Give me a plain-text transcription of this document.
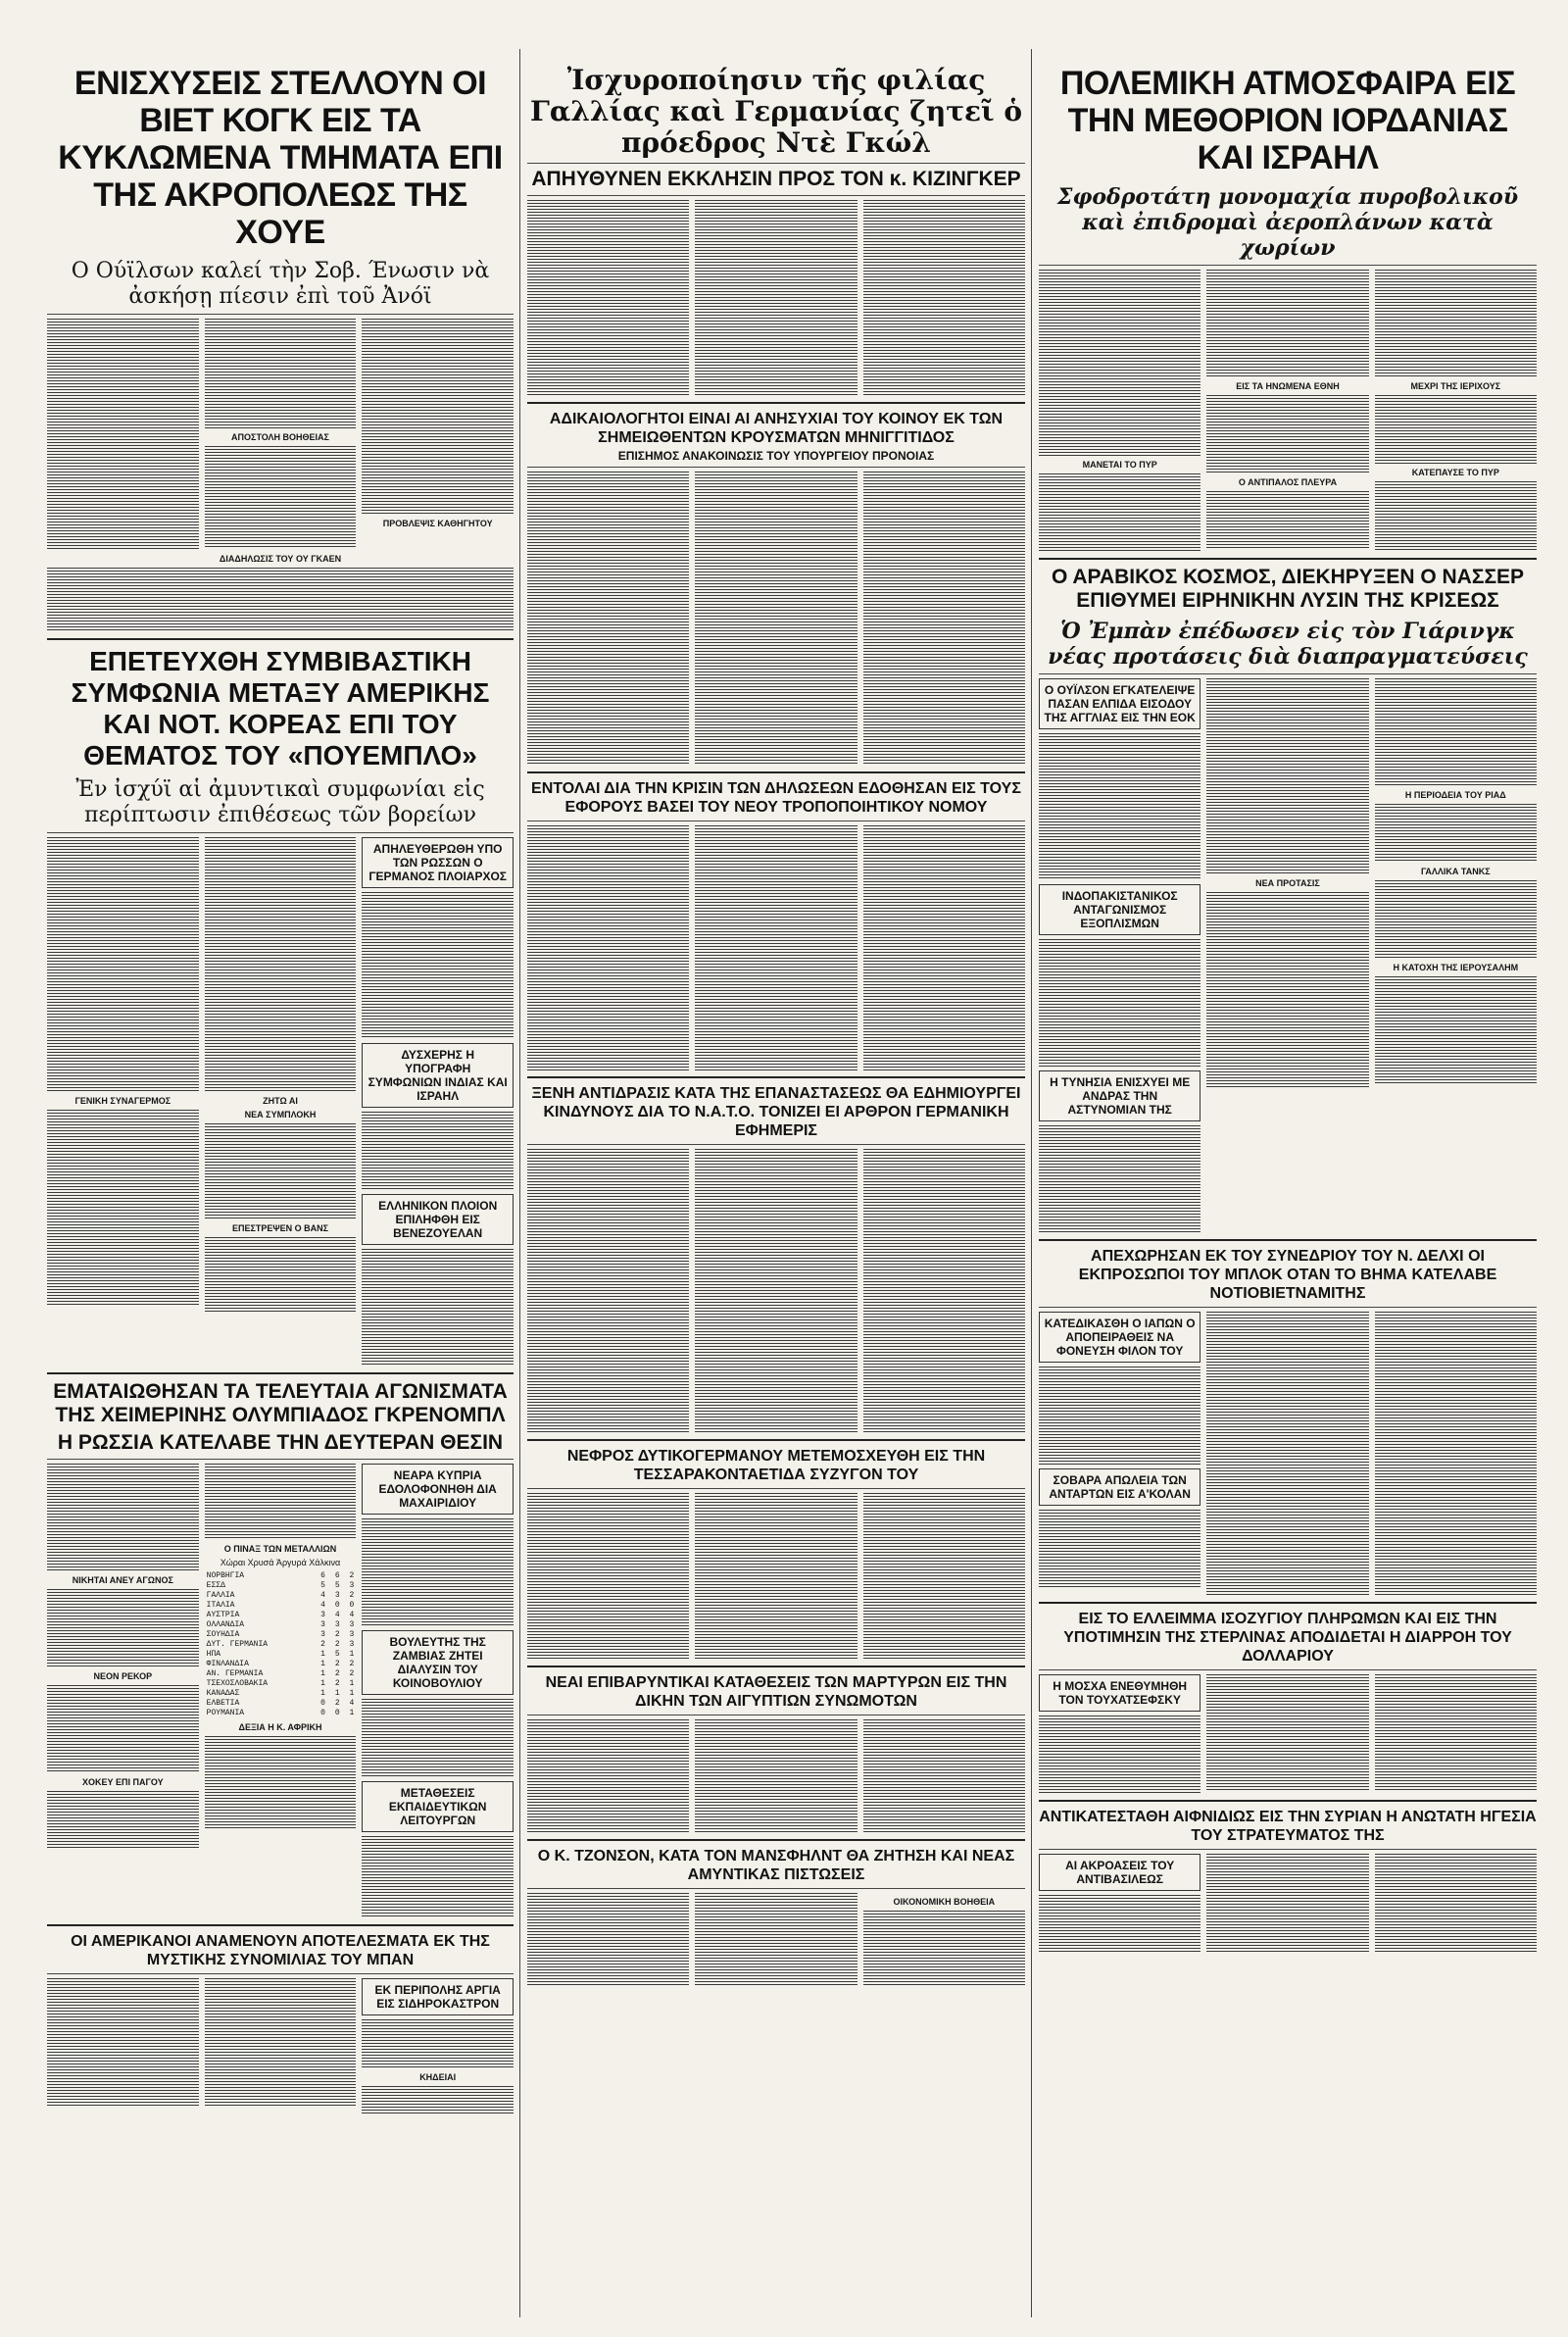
ΕΝΙΣΧΥΣΕΙΣ ΣΤΕΛΛΟΥΝ ΟΙ ΒΙΕΤ ΚΟΓΚ ΕΙΣ ΤΑ ΚΥΚΛΩΜΕΝΑ ΤΜΗΜΑΤΑ ΕΠΙ ΤΗΣ ΑΚΡΟΠΟΛΕΩΣ ΤΗΣ ΧΟΥΕ
Ο Ούϊλσων καλεί τὴν Σοβ. Ένωσιν νὰ ἀσκήσῃ πίεσιν ἐπὶ τοῦ Ἀνόϊ
ΑΠΟΣΤΟΛΗ ΒΟΗΘΕΙΑΣ
ΠΡΟΒΛΕΨΙΣ ΚΑΘΗΓΗΤΟΥ
ΔΙΑΔΗΛΩΣΙΣ ΤΟΥ ΟΥ ΓΚΑΕΝ
ΕΠΕΤΕΥΧΘΗ ΣΥΜΒΙΒΑΣΤΙΚΗ ΣΥΜΦΩΝΙΑ ΜΕΤΑΞΥ ΑΜΕΡΙΚΗΣ ΚΑΙ ΝΟΤ. ΚΟΡΕΑΣ ΕΠΙ ΤΟΥ ΘΕΜΑΤΟΣ ΤΟΥ «ΠΟΥΕΜΠΛΟ»
Ἐν ἰσχύϊ αἱ ἀμυντικαὶ συμφωνίαι εἰς περίπτωσιν ἐπιθέσεως τῶν βορείων
ΓΕΝΙΚΗ ΣΥΝΑΓΕΡΜΟΣ	ΖΗΤΩ ΑΙ
ΝΕΑ ΣΥΜΠΛΟΚΗ
ΕΠΕΣΤΡΕΨΕΝ Ο ΒΑΝΣ
ΑΠΗΛΕΥΘΕΡΩΘΗ ΥΠΟ ΤΩΝ ΡΩΣΣΩΝ Ο ΓΕΡΜΑΝΟΣ ΠΛΟΙΑΡΧΟΣ
ΔΥΣΧΕΡΗΣ Η ΥΠΟΓΡΑΦΗ ΣΥΜΦΩΝΙΩΝ ΙΝΔΙΑΣ ΚΑΙ ΙΣΡΑΗΛ
ΕΛΛΗΝΙΚΟΝ ΠΛΟΙΟΝ ΕΠΙΛΗΦΘΗ ΕΙΣ ΒΕΝΕΖΟΥΕΛΑΝ
ΕΜΑΤΑΙΩΘΗΣΑΝ ΤΑ ΤΕΛΕΥΤΑΙΑ ΑΓΩΝΙΣΜΑΤΑ ΤΗΣ ΧΕΙΜΕΡΙΝΗΣ ΟΛΥΜΠΙΑΔΟΣ ΓΚΡΕΝΟΜΠΛ
Η ΡΩΣΣΙΑ ΚΑΤΕΛΑΒΕ ΤΗΝ ΔΕΥΤΕΡΑΝ ΘΕΣΙΝ
ΝΙΚΗΤΑΙ ΑΝΕΥ ΑΓΩΝΟΣ
ΝΕΟΝ ΡΕΚΟΡ
ΧΟΚΕΥ ΕΠΙ ΠΑΓΟΥ
Ο ΠΙΝΑΞ ΤΩΝ ΜΕΤΑΛΛΙΩΝ
Χώραι Χρυσά Ἀργυρά Χάλκινα
ΝΟΡΒΗΓΙΑ	6	6	2
ΕΣΣΔ	5	5	3
ΓΑΛΛΙΑ	4	3	2
ΙΤΑΛΙΑ	4	0	0
ΑΥΣΤΡΙΑ	3	4	4
ΟΛΛΑΝΔΙΑ	3	3	3
ΣΟΥΗΔΙΑ	3	2	3
ΔΥΤ. ΓΕΡΜΑΝΙΑ	2	2	3
ΗΠΑ	1	5	1
ΦΙΝΛΑΝΔΙΑ	1	2	2
ΑΝ. ΓΕΡΜΑΝΙΑ	1	2	2
ΤΣΕΧΟΣΛΟΒΑΚΙΑ	1	2	1
ΚΑΝΑΔΑΣ	1	1	1
ΕΛΒΕΤΙΑ	0	2	4
ΡΟΥΜΑΝΙΑ	0	0	1
ΔΕΞΙΑ Η Κ. ΑΦΡΙΚΗ
ΝΕΑΡΑ ΚΥΠΡΙΑ ΕΔΟΛΟΦΟΝΗΘΗ ΔΙΑ ΜΑΧΑΙΡΙΔΙΟΥ
ΒΟΥΛΕΥΤΗΣ ΤΗΣ ΖΑΜΒΙΑΣ ΖΗΤΕΙ ΔΙΑΛΥΣΙΝ ΤΟΥ ΚΟΙΝΟΒΟΥΛΙΟΥ
ΜΕΤΑΘΕΣΕΙΣ ΕΚΠΑΙΔΕΥΤΙΚΩΝ ΛΕΙΤΟΥΡΓΩΝ
ΟΙ ΑΜΕΡΙΚΑΝΟΙ ΑΝΑΜΕΝΟΥΝ ΑΠΟΤΕΛΕΣΜΑΤΑ ΕΚ ΤΗΣ ΜΥΣΤΙΚΗΣ ΣΥΝΟΜΙΛΙΑΣ ΤΟΥ ΜΠΑΝ
ΕΚ ΠΕΡΙΠΟΛΗΣ ΑΡΓΙΑ ΕΙΣ ΣΙΔΗΡΟΚΑΣΤΡΟΝ
ΚΗΔΕΙΑΙ
Ἰσχυροποίησιν τῆς φιλίας Γαλλίας καὶ Γερμανίας ζητεῖ ὁ πρόεδρος Ντὲ Γκώλ
ΑΠΗΥΘΥΝΕΝ ΕΚΚΛΗΣΙΝ ΠΡΟΣ ΤΟΝ κ. ΚΙΖΙΝΓΚΕΡ
ΑΔΙΚΑΙΟΛΟΓΗΤΟΙ ΕΙΝΑΙ ΑΙ ΑΝΗΣΥΧΙΑΙ ΤΟΥ ΚΟΙΝΟΥ ΕΚ ΤΩΝ ΣΗΜΕΙΩΘΕΝΤΩΝ ΚΡΟΥΣΜΑΤΩΝ ΜΗΝΙΓΓΙΤΙΔΟΣ
ΕΠΙΣΗΜΟΣ ΑΝΑΚΟΙΝΩΣΙΣ ΤΟΥ ΥΠΟΥΡΓΕΙΟΥ ΠΡΟΝΟΙΑΣ
ΕΝΤΟΛΑΙ ΔΙΑ ΤΗΝ ΚΡΙΣΙΝ ΤΩΝ ΔΗΛΩΣΕΩΝ ΕΔΟΘΗΣΑΝ ΕΙΣ ΤΟΥΣ ΕΦΟΡΟΥΣ ΒΑΣΕΙ ΤΟΥ ΝΕΟΥ ΤΡΟΠΟΠΟΙΗΤΙΚΟΥ ΝΟΜΟΥ
ΞΕΝΗ ΑΝΤΙΔΡΑΣΙΣ ΚΑΤΑ ΤΗΣ ΕΠΑΝΑΣΤΑΣΕΩΣ ΘΑ ΕΔΗΜΙΟΥΡΓΕΙ ΚΙΝΔΥΝΟΥΣ ΔΙΑ ΤΟ Ν.Α.Τ.Ο. ΤΟΝΙΖΕΙ ΕΙ ΑΡΘΡΟΝ ΓΕΡΜΑΝΙΚΗ ΕΦΗΜΕΡΙΣ
ΝΕΦΡΟΣ ΔΥΤΙΚΟΓΕΡΜΑΝΟΥ ΜΕΤΕΜΟΣΧΕΥΘΗ ΕΙΣ ΤΗΝ ΤΕΣΣΑΡΑΚΟΝΤΑΕΤΙΔΑ ΣΥΖΥΓΟΝ ΤΟΥ
ΝΕΑΙ ΕΠΙΒΑΡΥΝΤΙΚΑΙ ΚΑΤΑΘΕΣΕΙΣ ΤΩΝ ΜΑΡΤΥΡΩΝ ΕΙΣ ΤΗΝ ΔΙΚΗΝ ΤΩΝ ΑΙΓΥΠΤΙΩΝ ΣΥΝΩΜΟΤΩΝ
Ο Κ. ΤΖΟΝΣΟΝ, ΚΑΤΑ ΤΟΝ ΜΑΝΣΦΗΛΝΤ ΘΑ ΖΗΤΗΣΗ ΚΑΙ ΝΕΑΣ ΑΜΥΝΤΙΚΑΣ ΠΙΣΤΩΣΕΙΣ
ΟΙΚΟΝΟΜΙΚΗ ΒΟΗΘΕΙΑ
ΠΟΛΕΜΙΚΗ ΑΤΜΟΣΦΑΙΡΑ ΕΙΣ ΤΗΝ ΜΕΘΟΡΙΟΝ ΙΟΡΔΑΝΙΑΣ ΚΑΙ ΙΣΡΑΗΛ
Σφοδροτάτη μονομαχία πυροβολικοῦ καὶ ἐπιδρομαὶ ἀεροπλάνων κατὰ χωρίων
ΜΑΝΕΤΑΙ ΤΟ ΠΥΡ
ΕΙΣ ΤΑ ΗΝΩΜΕΝΑ ΕΘΝΗ
Ο ΑΝΤΙΠΑΛΟΣ ΠΛΕΥΡΑ
ΜΕΧΡΙ ΤΗΣ ΙΕΡΙΧΟΥΣ
ΚΑΤΕΠΑΥΣΕ ΤΟ ΠΥΡ
Ο ΑΡΑΒΙΚΟΣ ΚΟΣΜΟΣ, ΔΙΕΚΗΡΥΞΕΝ Ο ΝΑΣΣΕΡ ΕΠΙΘΥΜΕΙ ΕΙΡΗΝΙΚΗΝ ΛΥΣΙΝ ΤΗΣ ΚΡΙΣΕΩΣ
Ὁ Ἐμπὰν ἐπέδωσεν εἰς τὸν Γιάρινγκ νέας προτάσεις διὰ διαπραγματεύσεις
Ο ΟΥΪΛΣΟΝ ΕΓΚΑΤΕΛΕΙΨΕ ΠΑΣΑΝ ΕΛΠΙΔΑ ΕΙΣΟΔΟΥ ΤΗΣ ΑΓΓΛΙΑΣ ΕΙΣ ΤΗΝ ΕΟΚ
ΙΝΔΟΠΑΚΙΣΤΑΝΙΚΟΣ ΑΝΤΑΓΩΝΙΣΜΟΣ ΕΞΟΠΛΙΣΜΩΝ
Η ΤΥΝΗΣΙΑ ΕΝΙΣΧΥΕΙ ΜΕ ΑΝΔΡΑΣ ΤΗΝ ΑΣΤΥΝΟΜΙΑΝ ΤΗΣ
ΝΕΑ ΠΡΟΤΑΣΙΣ
Η ΠΕΡΙΟΔΕΙΑ ΤΟΥ ΡΙΑΔ
ΓΑΛΛΙΚΑ ΤΑΝΚΣ
Η ΚΑΤΟΧΗ ΤΗΣ ΙΕΡΟΥΣΑΛΗΜ
ΑΠΕΧΩΡΗΣΑΝ ΕΚ ΤΟΥ ΣΥΝΕΔΡΙΟΥ ΤΟΥ Ν. ΔΕΛΧΙ ΟΙ ΕΚΠΡΟΣΩΠΟΙ ΤΟΥ ΜΠΛΟΚ ΟΤΑΝ ΤΟ ΒΗΜΑ ΚΑΤΕΛΑΒΕ ΝΟΤΙΟΒΙΕΤΝΑΜΙΤΗΣ
ΚΑΤΕΔΙΚΑΣΘΗ Ο ΙΑΠΩΝ Ο ΑΠΟΠΕΙΡΑΘΕΙΣ ΝΑ ΦΟΝΕΥΣΗ ΦΙΛΟΝ ΤΟΥ
ΣΟΒΑΡΑ ΑΠΩΛΕΙΑ ΤΩΝ ΑΝΤΑΡΤΩΝ ΕΙΣ Α'ΚΟΛΑΝ
ΕΙΣ ΤΟ ΕΛΛΕΙΜΜΑ ΙΣΟΖΥΓΙΟΥ ΠΛΗΡΩΜΩΝ ΚΑΙ ΕΙΣ ΤΗΝ ΥΠΟΤΙΜΗΣΙΝ ΤΗΣ ΣΤΕΡΛΙΝΑΣ ΑΠΟΔΙΔΕΤΑΙ Η ΔΙΑΡΡΟΗ ΤΟΥ ΔΟΛΛΑΡΙΟΥ
Η ΜΟΣΧΑ ΕΝΕΘΥΜΗΘΗ ΤΟΝ ΤΟΥΧΑΤΣΕΦΣΚΥ
ΑΝΤΙΚΑΤΕΣΤΑΘΗ ΑΙΦΝΙΔΙΩΣ ΕΙΣ ΤΗΝ ΣΥΡΙΑΝ Η ΑΝΩΤΑΤΗ ΗΓΕΣΙΑ ΤΟΥ ΣΤΡΑΤΕΥΜΑΤΟΣ ΤΗΣ
ΑΙ ΑΚΡΟΑΣΕΙΣ ΤΟΥ ΑΝΤΙΒΑΣΙΛΕΩΣ
